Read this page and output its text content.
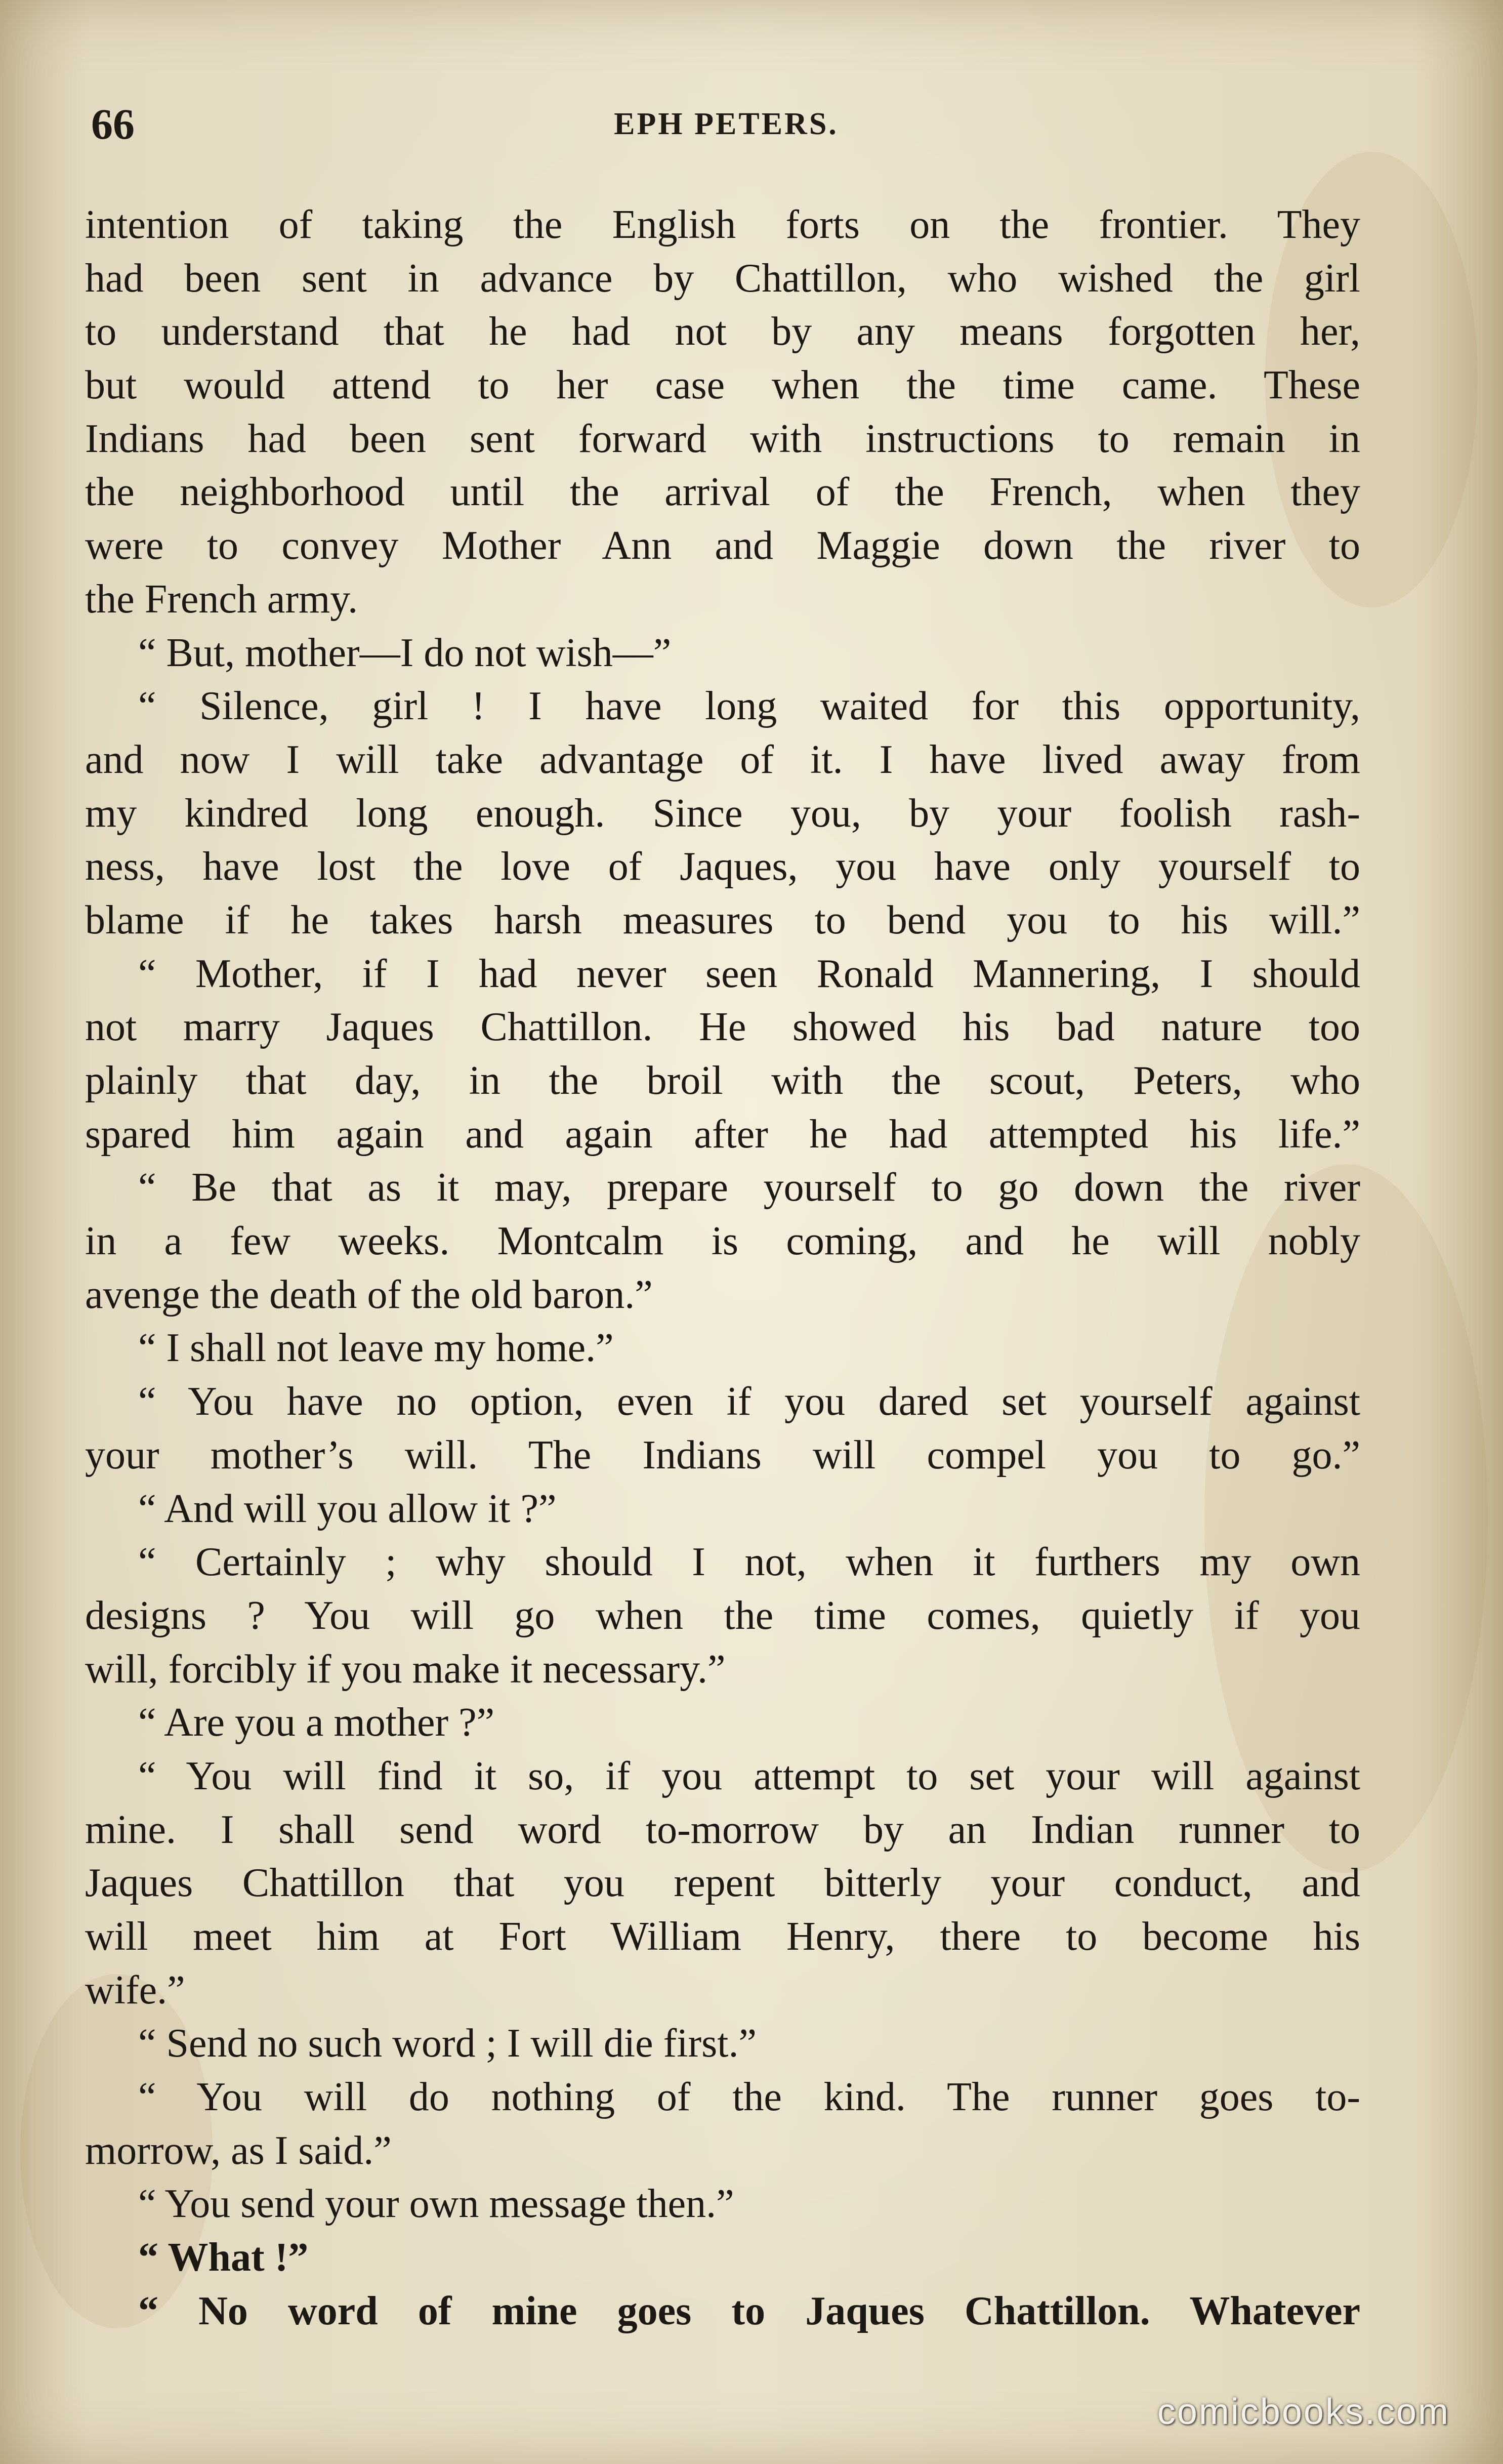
66	EPH PETERS.
intention of taking the English forts on the frontier. They
had been sent in advance by Chattillon, who wished the girl
to understand that he had not by any means forgotten her,
but would attend to her case when the time came. These
Indians had been sent forward with instructions to remain in
the neighborhood until the arrival of the French, when they
were to convey Mother Ann and Maggie down the river to
the French army.
“ But, mother—I do not wish—”
“ Silence, girl ! I have long waited for this opportunity,
and now I will take advantage of it. I have lived away from
my kindred long enough. Since you, by your foolish rash-
ness, have lost the love of Jaques, you have only yourself to
blame if he takes harsh measures to bend you to his will.”
“ Mother, if I had never seen Ronald Mannering, I should
not marry Jaques Chattillon. He showed his bad nature too
plainly that day, in the broil with the scout, Peters, who
spared him again and again after he had attempted his life.”
“ Be that as it may, prepare yourself to go down the river
in a few weeks. Montcalm is coming, and he will nobly
avenge the death of the old baron.”
“ I shall not leave my home.”
“ You have no option, even if you dared set yourself against
your mother’s will. The Indians will compel you to go.”
“ And will you allow it ?”
“ Certainly ; why should I not, when it furthers my own
designs ? You will go when the time comes, quietly if you
will, forcibly if you make it necessary.”
“ Are you a mother ?”
“ You will find it so, if you attempt to set your will against
mine. I shall send word to-morrow by an Indian runner to
Jaques Chattillon that you repent bitterly your conduct, and
will meet him at Fort William Henry, there to become his
wife.”
“ Send no such word ; I will die first.”
“ You will do nothing of the kind. The runner goes to-
morrow, as I said.”
“ You send your own message then.”
“ What !”
“ No word of mine goes to Jaques Chattillon. Whatever
comicbooks.com
